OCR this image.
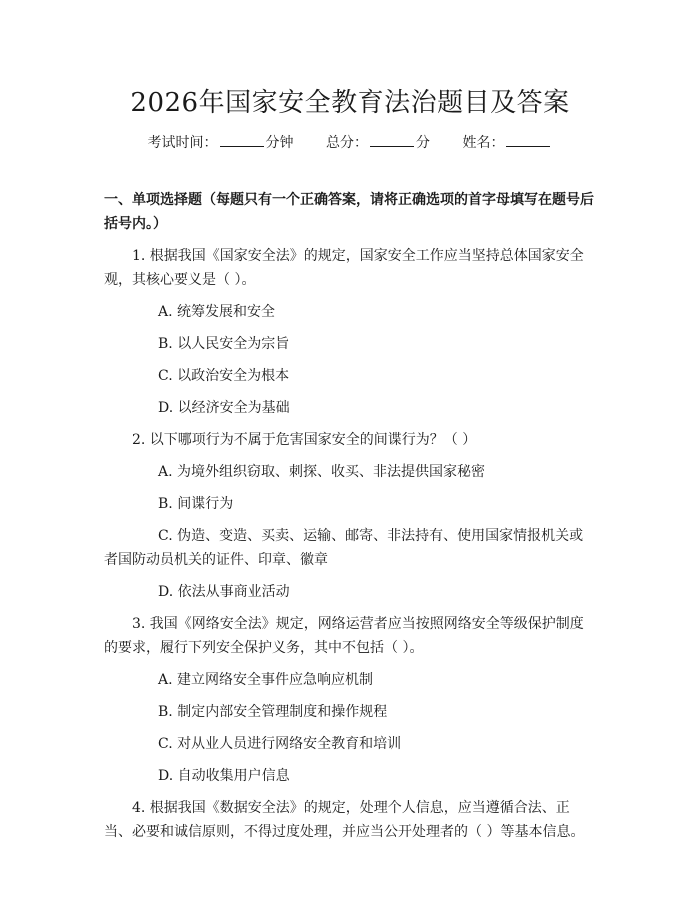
2026年国家安全教育法治题目及答案
考试时间：	分钟 总分：	分 姓名：

一、单项选择题（每题只有一个正确答案，请将正确选项的首字母填写在题号后括号内。）

1. 根据我国《国家安全法》的规定，国家安全工作应当坚持总体国家安全观，其核心要义是（ ）。

A. 统筹发展和安全

B. 以人民安全为宗旨

C. 以政治安全为根本

D. 以经济安全为基础

2. 以下哪项行为不属于危害国家安全的间谍行为？（ ）

A. 为境外组织窃取、刺探、收买、非法提供国家秘密

B. 间谍行为

C. 伪造、变造、买卖、运输、邮寄、非法持有、使用国家情报机关或者国防动员机关的证件、印章、徽章

D. 依法从事商业活动

3. 我国《网络安全法》规定，网络运营者应当按照网络安全等级保护制度的要求，履行下列安全保护义务，其中不包括（ ）。

A. 建立网络安全事件应急响应机制

B. 制定内部安全管理制度和操作规程

C. 对从业人员进行网络安全教育和培训

D. 自动收集用户信息

4. 根据我国《数据安全法》的规定，处理个人信息，应当遵循合法、正当、必要和诚信原则，不得过度处理，并应当公开处理者的（ ）等基本信息。
